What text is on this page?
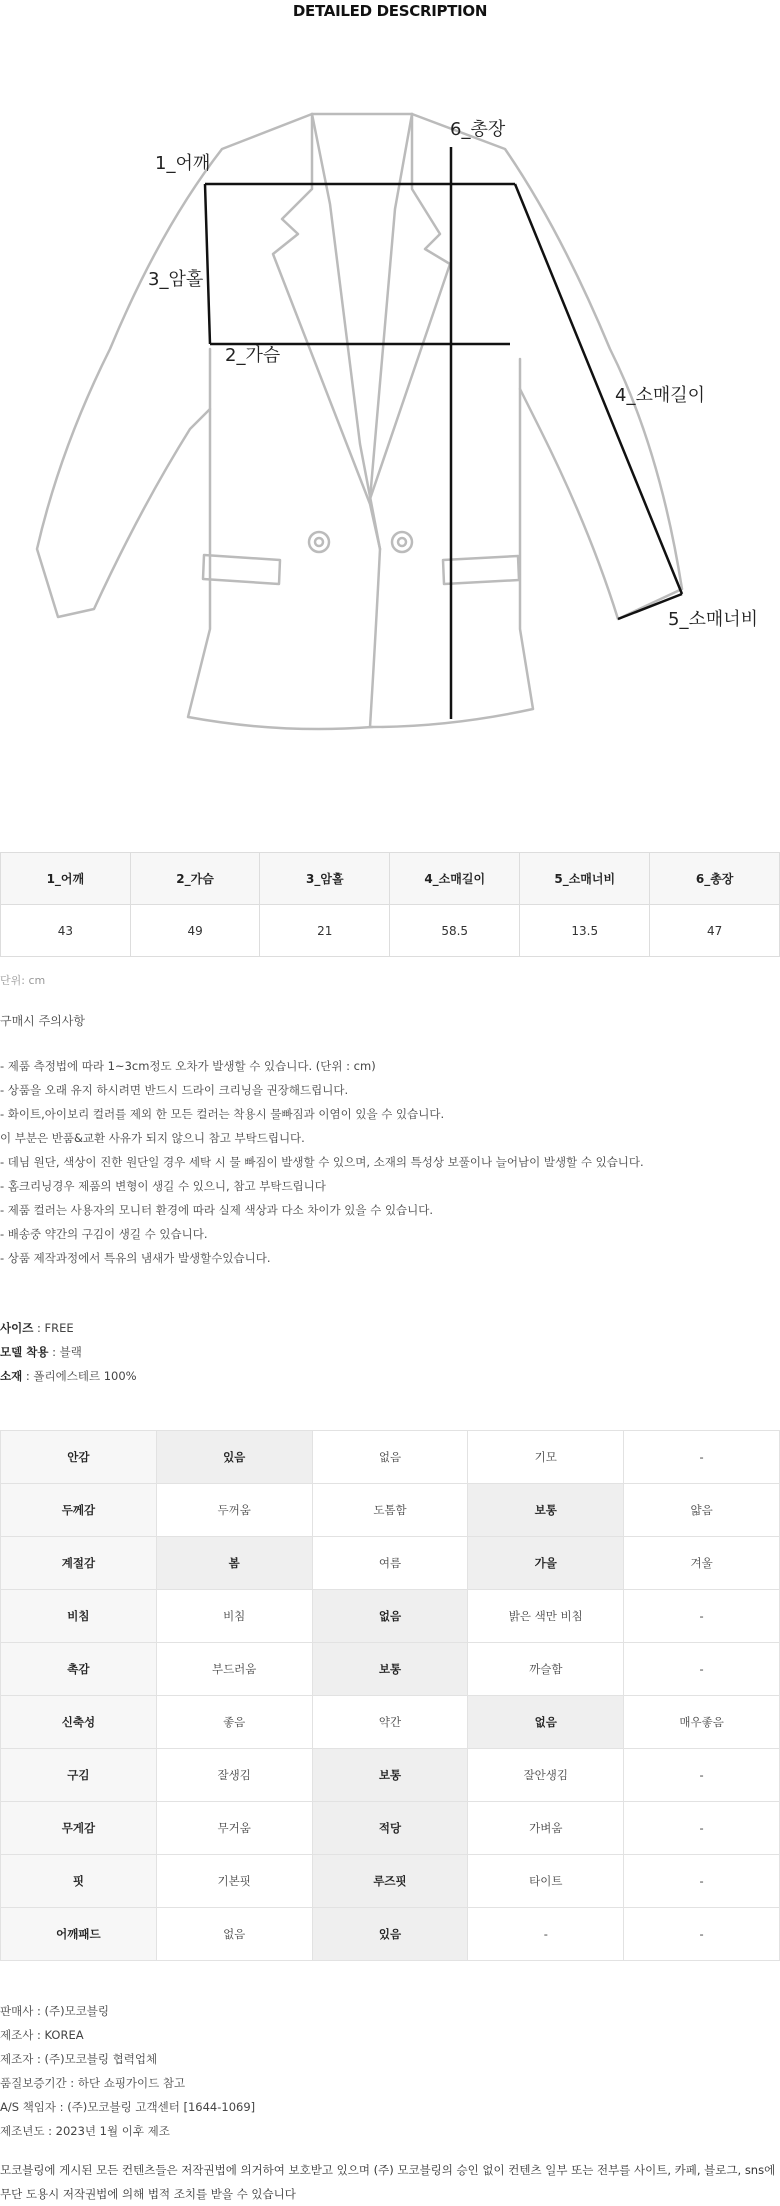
DETAILED DESCRIPTION
1_어깨
6_총장
3_암홀
2_가슴
4_소매길이
5_소매너비
1_어깨	2_가슴	3_암홀	4_소매길이	5_소매너비	6_총장
43	49	21	58.5	13.5	47
단위: cm
구매시 주의사항
- 제품 측정법에 따라 1~3cm정도 오차가 발생할 수 있습니다. (단위 : cm)
- 상품을 오래 유지 하시려면 반드시 드라이 크리닝을 권장해드립니다.
- 화이트,아이보리 컬러를 제외 한 모든 컬러는 착용시 물빠짐과 이염이 있을 수 있습니다.
이 부분은 반품&교환 사유가 되지 않으니 참고 부탁드립니다.
- 데님 원단, 색상이 진한 원단일 경우 세탁 시 물 빠짐이 발생할 수 있으며, 소재의 특성상 보풀이나 늘어남이 발생할 수 있습니다.
- 홈크리닝경우 제품의 변형이 생길 수 있으니, 참고 부탁드립니다
- 제품 컬러는 사용자의 모니터 환경에 따라 실제 색상과 다소 차이가 있을 수 있습니다.
- 배송중 약간의 구김이 생길 수 있습니다.
- 상품 제작과정에서 특유의 냄새가 발생할수있습니다.
사이즈 : FREE
모델 착용 : 블랙
소재 : 폴리에스테르 100%
안감	있음	없음	기모	-
두께감	두꺼움	도톰함	보통	얇음
계절감	봄	여름	가을	겨울
비침	비침	없음	밝은 색만 비침	-
촉감	부드러움	보통	까슬함	-
신축성	좋음	약간	없음	매우좋음
구김	잘생김	보통	잘안생김	-
무게감	무거움	적당	가벼움	-
핏	기본핏	루즈핏	타이트	-
어깨패드	없음	있음	-	-
판매사 : (주)모코블링
제조사 : KOREA
제조자 : (주)모코블링 협력업체
품질보증기간 : 하단 쇼핑가이드 참고
A/S 책임자 : (주)모코블링 고객센터 [1644-1069]
제조년도 : 2023년 1월 이후 제조
모코블링에 게시된 모든 컨텐츠들은 저작권법에 의거하여 보호받고 있으며 (주) 모코블링의 승인 없이 컨텐츠 일부 또는 전부를 사이트, 카페, 블로그, sns에 무단 도용시 저작권법에 의해 법적 조치를 받을 수 있습니다
